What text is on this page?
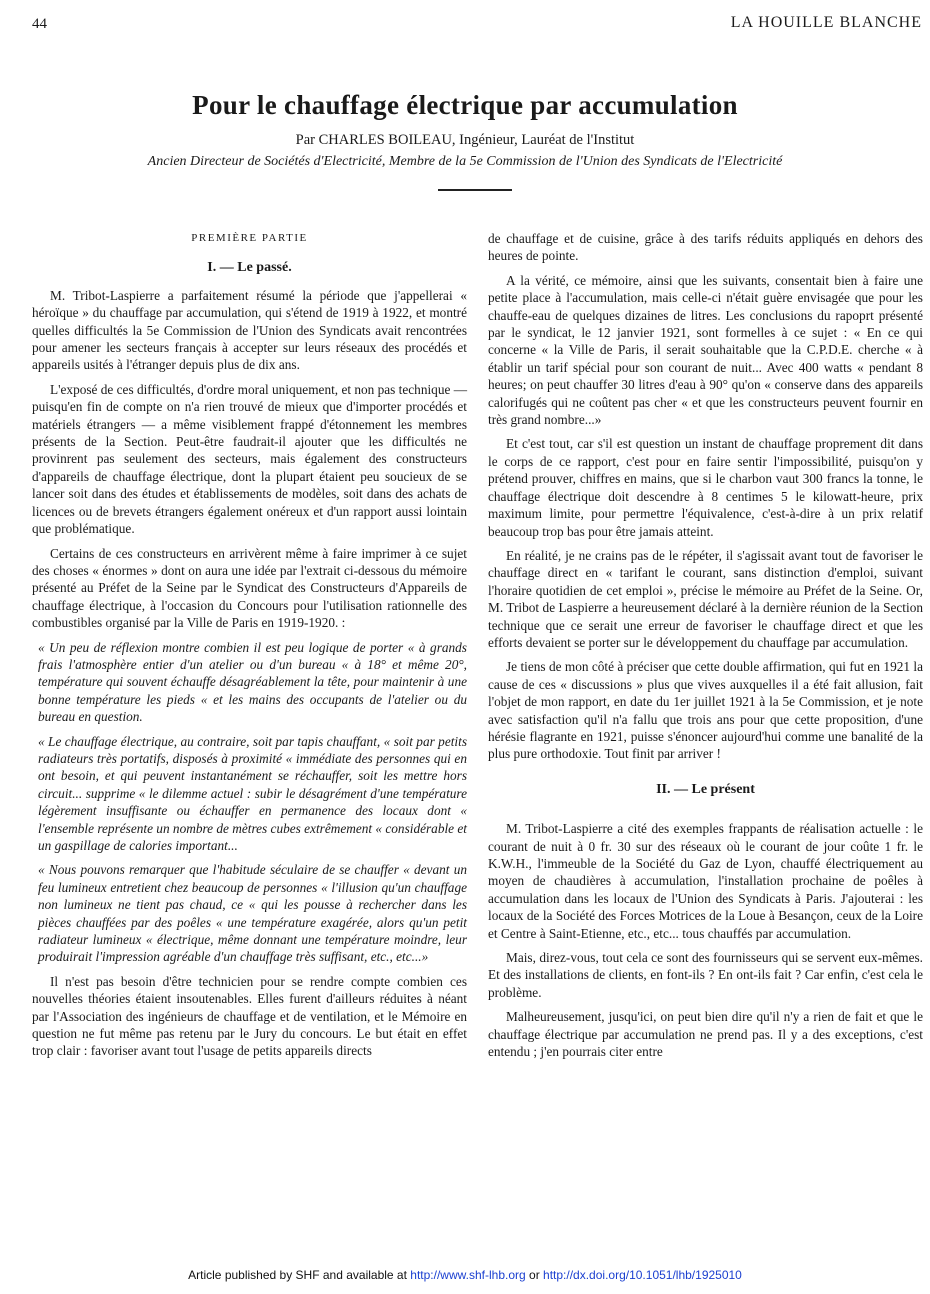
44	LA HOUILLE BLANCHE
Pour le chauffage électrique par accumulation
Par CHARLES BOILEAU, Ingénieur, Lauréat de l'Institut
Ancien Directeur de Sociétés d'Electricité, Membre de la 5e Commission de l'Union des Syndicats de l'Electricité
PREMIÈRE PARTIE
I. — Le passé.

M. Tribot-Laspierre a parfaitement résumé la période que j'appellerai « héroïque » du chauffage par accumulation, qui s'étend de 1919 à 1922, et montré quelles difficultés la 5e Commission de l'Union des Syndicats avait rencontrées pour amener les secteurs français à accepter sur leurs réseaux des procédés et appareils usités à l'étranger depuis plus de dix ans.

L'exposé de ces difficultés, d'ordre moral uniquement, et non pas technique — puisqu'en fin de compte on n'a rien trouvé de mieux que d'importer procédés et matériels étrangers — a même visiblement frappé d'étonnement les membres présents de la Section. Peut-être faudrait-il ajouter que les difficultés ne provinrent pas seulement des secteurs, mais également des constructeurs d'appareils de chauffage électrique, dont la plupart étaient peu soucieux de se lancer soit dans des études et établissements de modèles, soit dans des achats de licences ou de brevets étrangers également onéreux et d'un rapport aussi lointain que problématique.

Certains de ces constructeurs en arrivèrent même à faire imprimer à ce sujet des choses « énormes » dont on aura une idée par l'extrait ci-dessous du mémoire présenté au Préfet de la Seine par le Syndicat des Constructeurs d'Appareils de chauffage électrique, à l'occasion du Concours pour l'utilisation rationnelle des combustibles organisé par la Ville de Paris en 1919-1920. :

« Un peu de réflexion montre combien il est peu logique de porter « à grands frais l'atmosphère entier d'un atelier ou d'un bureau « à 18° et même 20°, température qui souvent échauffe désagréablement la tête, pour maintenir à une bonne température les pieds « et les mains des occupants de l'atelier ou du bureau en question.

« Le chauffage électrique, au contraire, soit par tapis chauffant, « soit par petits radiateurs très portatifs, disposés à proximité « immédiate des personnes qui en ont besoin, et qui peuvent instantanément se réchauffer, soit les mettre hors circuit... supprime « le dilemme actuel : subir le désagrément d'une température légèrement insuffisante ou échauffer en permanence des locaux dont « l'ensemble représente un nombre de mètres cubes extrêmement « considérable et un gaspillage de calories important...

« Nous pouvons remarquer que l'habitude séculaire de se chauffer « devant un feu lumineux entretient chez beaucoup de personnes « l'illusion qu'un chauffage non lumineux ne tient pas chaud, ce « qui les pousse à rechercher dans les pièces chauffées par des poêles « une température exagérée, alors qu'un petit radiateur lumineux « électrique, même donnant une température moindre, leur produirait l'impression agréable d'un chauffage très suffisant, etc., etc...»

Il n'est pas besoin d'être technicien pour se rendre compte combien ces nouvelles théories étaient insoutenables. Elles furent d'ailleurs réduites à néant par l'Association des ingénieurs de chauffage et de ventilation, et le Mémoire en question ne fut même pas retenu par le Jury du concours. Le but était en effet trop clair : favoriser avant tout l'usage de petits appareils directs

de chauffage et de cuisine, grâce à des tarifs réduits appliqués en dehors des heures de pointe.

A la vérité, ce mémoire, ainsi que les suivants, consentait bien à faire une petite place à l'accumulation, mais celle-ci n'était guère envisagée que pour les chauffe-eau de quelques dizaines de litres. Les conclusions du rapoprt présenté par le syndicat, le 12 janvier 1921, sont formelles à ce sujet : « En ce qui concerne « la Ville de Paris, il serait souhaitable que la C.P.D.E. cherche « à établir un tarif spécial pour son courant de nuit... Avec 400 watts « pendant 8 heures; on peut chauffer 30 litres d'eau à 90° qu'on « conserve dans des appareils calorifugés qui ne coûtent pas cher « et que les constructeurs peuvent fournir en très grand nombre...»

Et c'est tout, car s'il est question un instant de chauffage proprement dit dans le corps de ce rapport, c'est pour en faire sentir l'impossibilité, puisqu'on y prétend prouver, chiffres en mains, que si le charbon vaut 300 francs la tonne, le chauffage électrique doit descendre à 8 centimes 5 le kilowatt-heure, prix maximum limite, pour permettre l'équivalence, c'est-à-dire à un prix relatif beaucoup trop bas pour être jamais atteint.

En réalité, je ne crains pas de le répéter, il s'agissait avant tout de favoriser le chauffage direct en « tarifant le courant, sans distinction d'emploi, suivant l'horaire quotidien de cet emploi », précise le mémoire au Préfet de la Seine. Or, M. Tribot de Laspierre a heureusement déclaré à la dernière réunion de la Section technique que ce serait une erreur de favoriser le chauffage direct et que les efforts devaient se porter sur le développement du chauffage par accumulation.

Je tiens de mon côté à préciser que cette double affirmation, qui fut en 1921 la cause de ces « discussions » plus que vives auxquelles il a été fait allusion, fait l'objet de mon rapport, en date du 1er juillet 1921 à la 5e Commission, et je note avec satisfaction qu'il n'a fallu que trois ans pour que cette proposition, d'une hérésie flagrante en 1921, puisse s'énoncer aujourd'hui comme une banalité de la plus pure orthodoxie. Tout finit par arriver !

II. — Le présent

M. Tribot-Laspierre a cité des exemples frappants de réalisation actuelle : le courant de nuit à 0 fr. 30 sur des réseaux où le courant de jour coûte 1 fr. le K.W.H., l'immeuble de la Société du Gaz de Lyon, chauffé électriquement au moyen de chaudières à accumulation, l'installation prochaine de poêles à accumulation dans les locaux de l'Union des Syndicats à Paris. J'ajouterai : les locaux de la Société des Forces Motrices de la Loue à Besançon, ceux de la Loire et Centre à Saint-Etienne, etc., etc... tous chauffés par accumulation.

Mais, direz-vous, tout cela ce sont des fournisseurs qui se servent eux-mêmes. Et des installations de clients, en font-ils ? En ont-ils fait ? Car enfin, c'est cela le problème.

Malheureusement, jusqu'ici, on peut bien dire qu'il n'y a rien de fait et que le chauffage électrique par accumulation ne prend pas. Il y a des exceptions, c'est entendu ; j'en pourrais citer entre

Article published by SHF and available at http://www.shf-lhb.org or http://dx.doi.org/10.1051/lhb/1925010
